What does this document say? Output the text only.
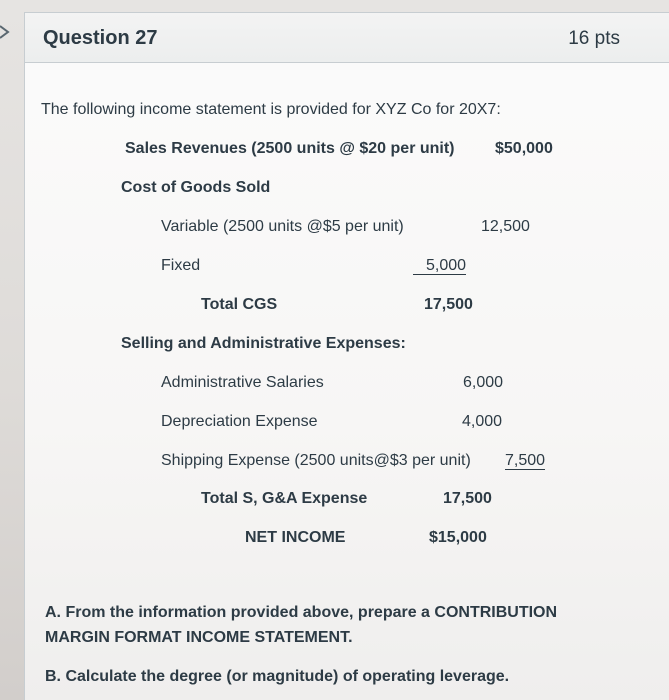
Question 27	16 pts
The following income statement is provided for XYZ Co for 20X7:
Sales Revenues (2500 units @ $20 per unit)	$50,000
Cost of Goods Sold
Variable (2500 units @$5 per unit)	12,500
Fixed	5,000
Total CGS	17,500
Selling and Administrative Expenses:
Administrative Salaries	6,000
Depreciation Expense	4,000
Shipping Expense (2500 units@$3 per unit) 7,500
Total S, G&A Expense	17,500
NET INCOME	$15,000
A. From the information provided above, prepare a CONTRIBUTION
MARGIN FORMAT INCOME STATEMENT.
B. Calculate the degree (or magnitude) of operating leverage.
